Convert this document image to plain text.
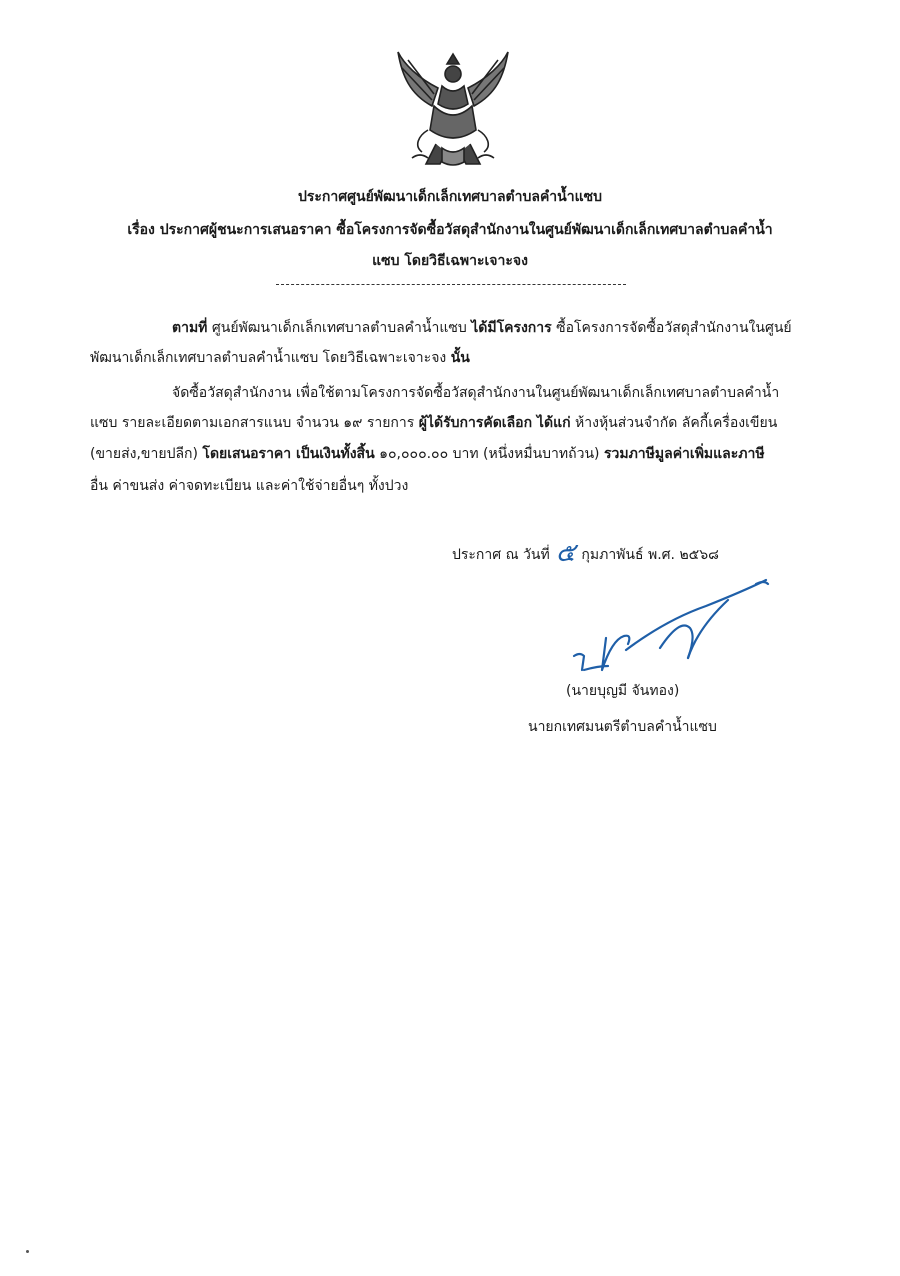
ประกาศศูนย์พัฒนาเด็กเล็กเทศบาลตำบลคำน้ำแซบ
เรื่อง ประกาศผู้ชนะการเสนอราคา ซื้อโครงการจัดซื้อวัสดุสำนักงานในศูนย์พัฒนาเด็กเล็กเทศบาลตำบลคำน้ำ
แซบ โดยวิธีเฉพาะเจาะจง
ตามที่ ศูนย์พัฒนาเด็กเล็กเทศบาลตำบลคำน้ำแซบ ได้มีโครงการ ซื้อโครงการจัดซื้อวัสดุสำนักงานในศูนย์
พัฒนาเด็กเล็กเทศบาลตำบลคำน้ำแซบ โดยวิธีเฉพาะเจาะจง นั้น
จัดซื้อวัสดุสำนักงาน เพื่อใช้ตามโครงการจัดซื้อวัสดุสำนักงานในศูนย์พัฒนาเด็กเล็กเทศบาลตำบลคำน้ำ
แซบ รายละเอียดตามเอกสารแนบ จำนวน ๑๙ รายการ ผู้ได้รับการคัดเลือก ได้แก่ ห้างหุ้นส่วนจำกัด ลัคกี้เครื่องเขียน
(ขายส่ง,ขายปลีก) โดยเสนอราคา เป็นเงินทั้งสิ้น ๑๐,๐๐๐.๐๐ บาท (หนึ่งหมื่นบาทถ้วน) รวมภาษีมูลค่าเพิ่มและภาษี
อื่น ค่าขนส่ง ค่าจดทะเบียน และค่าใช้จ่ายอื่นๆ ทั้งปวง
ประกาศ ณ วันที่ ๕ กุมภาพันธ์ พ.ศ. ๒๕๖๘
(นายบุญมี จันทอง)
นายกเทศมนตรีตำบลคำน้ำแซบ
